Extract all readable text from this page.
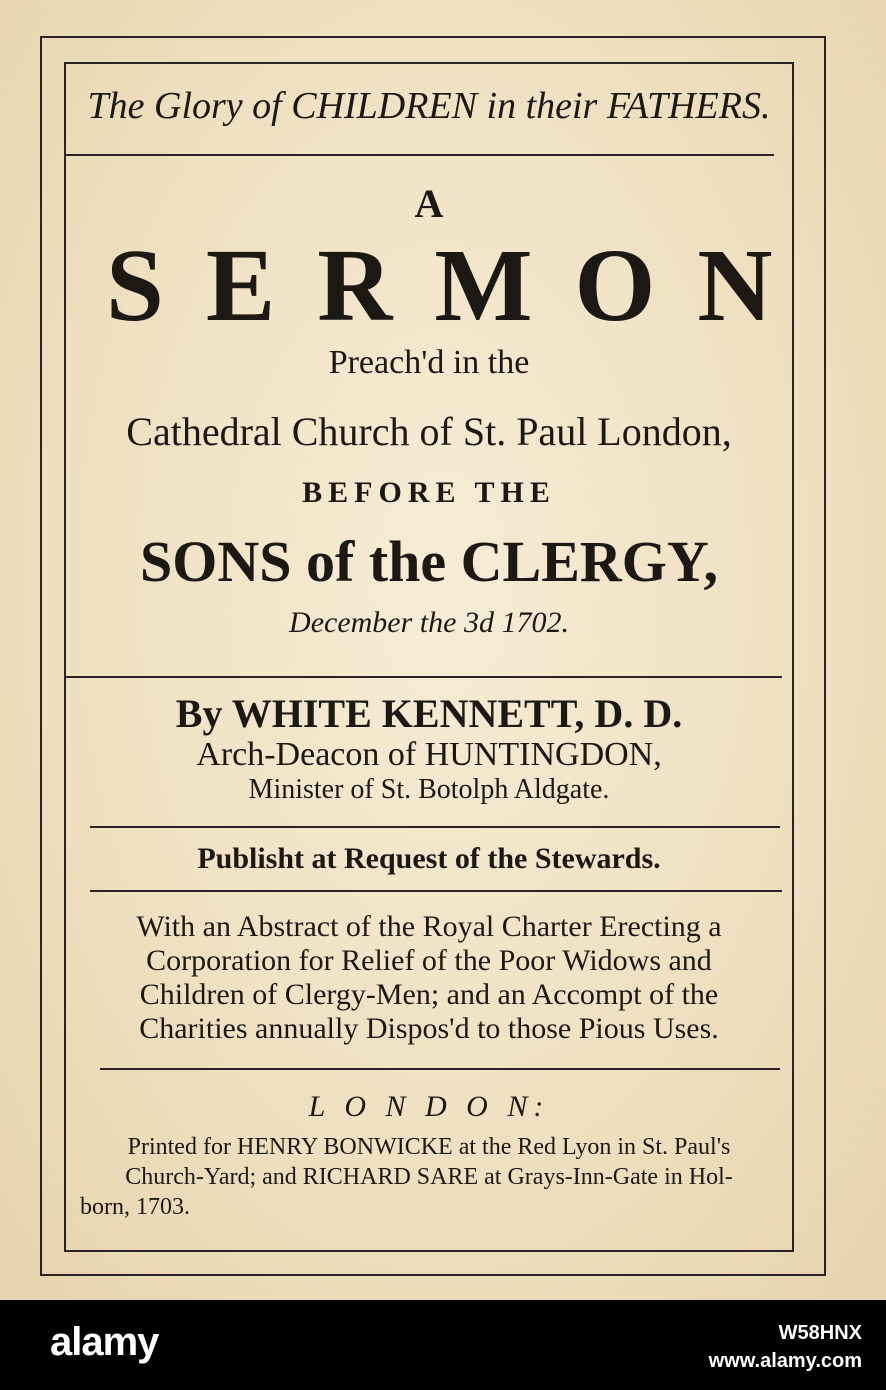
The Glory of CHILDREN in their FATHERS.
A
SERMON
Preach'd in the
Cathedral Church of St. Paul London,
BEFORE THE
SONS of the CLERGY,
December the 3d 1702.
By WHITE KENNETT, D. D.
Arch-Deacon of HUNTINGDON,
Minister of St. Botolph Aldgate.
Publisht at Request of the Stewards.
With an Abstract of the Royal Charter Erecting a
Corporation for Relief of the Poor Widows and
Children of Clergy-Men; and an Accompt of the
Charities annually Dispos'd to those Pious Uses.
L O N D O N:
Printed for HENRY BONWICKE at the Red Lyon in St. Paul's
Church-Yard; and RICHARD SARE at Grays-Inn-Gate in Hol-
born, 1703.
alamy	W58HNX
www.alamy.com
